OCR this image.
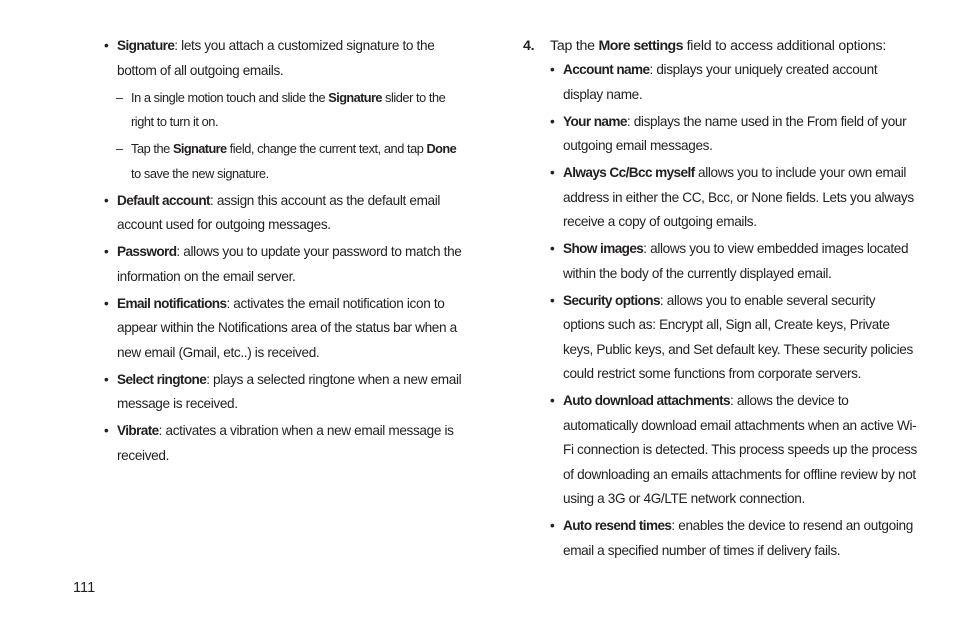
• Signature: lets you attach a customized signature to the bottom of all outgoing emails.
– In a single motion touch and slide the Signature slider to the right to turn it on.
– Tap the Signature field, change the current text, and tap Done to save the new signature.
• Default account: assign this account as the default email account used for outgoing messages.
• Password: allows you to update your password to match the information on the email server.
• Email notifications: activates the email notification icon to appear within the Notifications area of the status bar when a new email (Gmail, etc..) is received.
• Select ringtone: plays a selected ringtone when a new email message is received.
• Vibrate: activates a vibration when a new email message is received.
4. Tap the More settings field to access additional options:
• Account name: displays your uniquely created account display name.
• Your name: displays the name used in the From field of your outgoing email messages.
• Always Cc/Bcc myself allows you to include your own email address in either the CC, Bcc, or None fields. Lets you always receive a copy of outgoing emails.
• Show images: allows you to view embedded images located within the body of the currently displayed email.
• Security options: allows you to enable several security options such as: Encrypt all, Sign all, Create keys, Private keys, Public keys, and Set default key. These security policies could restrict some functions from corporate servers.
• Auto download attachments: allows the device to automatically download email attachments when an active Wi-Fi connection is detected. This process speeds up the process of downloading an emails attachments for offline review by not using a 3G or 4G/LTE network connection.
• Auto resend times: enables the device to resend an outgoing email a specified number of times if delivery fails.
111
